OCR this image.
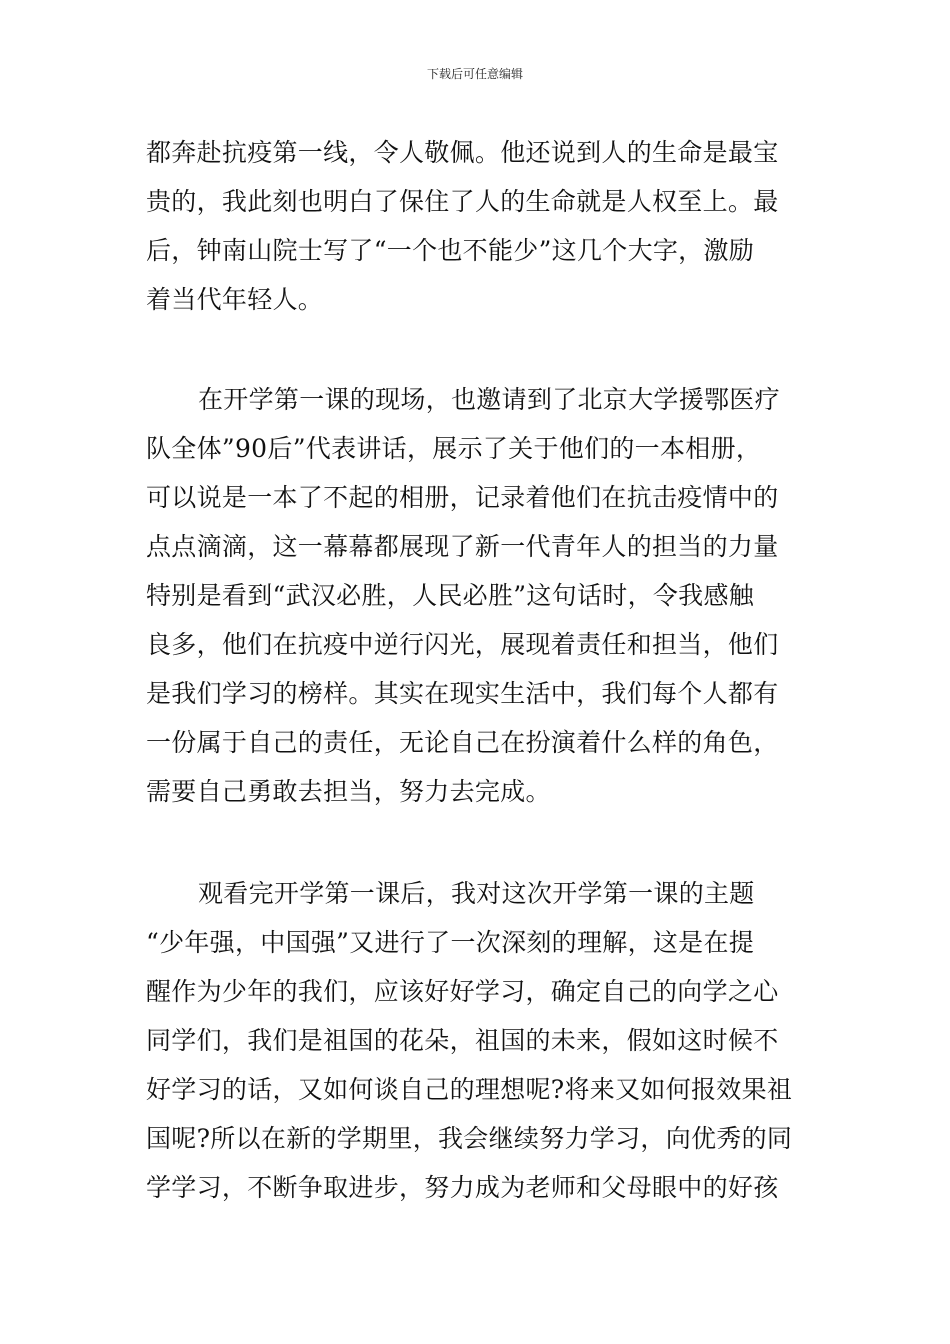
下载后可任意编辑
都奔赴抗疫第一线，令人敬佩。他还说到人的生命是最宝
贵的，我此刻也明白了保住了人的生命就是人权至上。最
后，钟南山院士写了“一个也不能少”这几个大字，激励
着当代年轻人。
在开学第一课的现场，也邀请到了北京大学援鄂医疗
队全体”90后”代表讲话，展示了关于他们的一本相册，
可以说是一本了不起的相册，记录着他们在抗击疫情中的
点点滴滴，这一幕幕都展现了新一代青年人的担当的力量
特别是看到“武汉必胜，人民必胜”这句话时，令我感触
良多，他们在抗疫中逆行闪光，展现着责任和担当，他们
是我们学习的榜样。其实在现实生活中，我们每个人都有
一份属于自己的责任，无论自己在扮演着什么样的角色，
需要自己勇敢去担当，努力去完成。
观看完开学第一课后，我对这次开学第一课的主题
“少年强，中国强”又进行了一次深刻的理解，这是在提
醒作为少年的我们，应该好好学习，确定自己的向学之心
同学们，我们是祖国的花朵，祖国的未来，假如这时候不
好学习的话，又如何谈自己的理想呢?将来又如何报效果祖
国呢?所以在新的学期里，我会继续努力学习，向优秀的同
学学习，不断争取进步，努力成为老师和父母眼中的好孩
